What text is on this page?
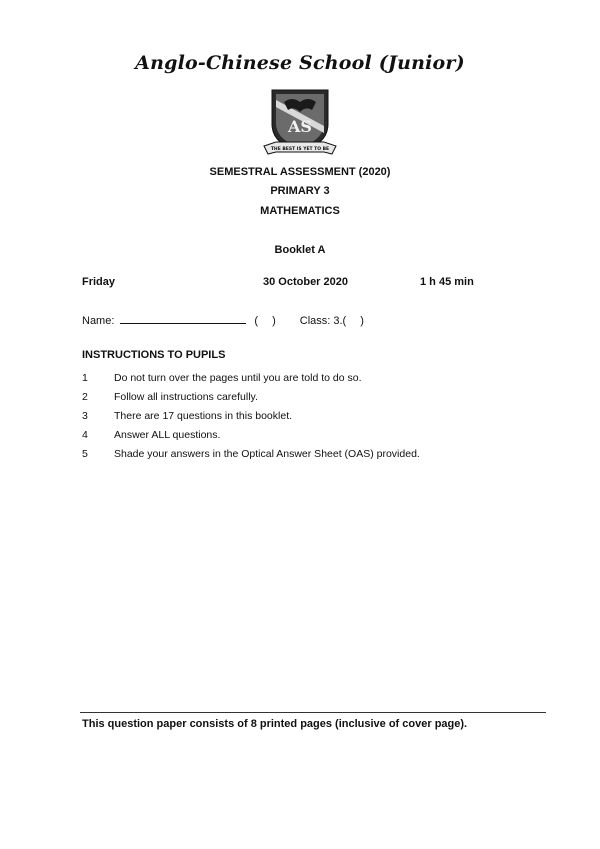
Anglo-Chinese School (Junior)
AS
THE BEST IS YET TO BE
SEMESTRAL ASSESSMENT (2020)
PRIMARY 3
MATHEMATICS
Booklet A
Friday	30 October 2020	1 h 45 min
Name:	( ) Class: 3.( )
INSTRUCTIONS TO PUPILS
1	Do not turn over the pages until you are told to do so.
2	Follow all instructions carefully.
3	There are 17 questions in this booklet.
4	Answer ALL questions.
5	Shade your answers in the Optical Answer Sheet (OAS) provided.
This question paper consists of 8 printed pages (inclusive of cover page).
